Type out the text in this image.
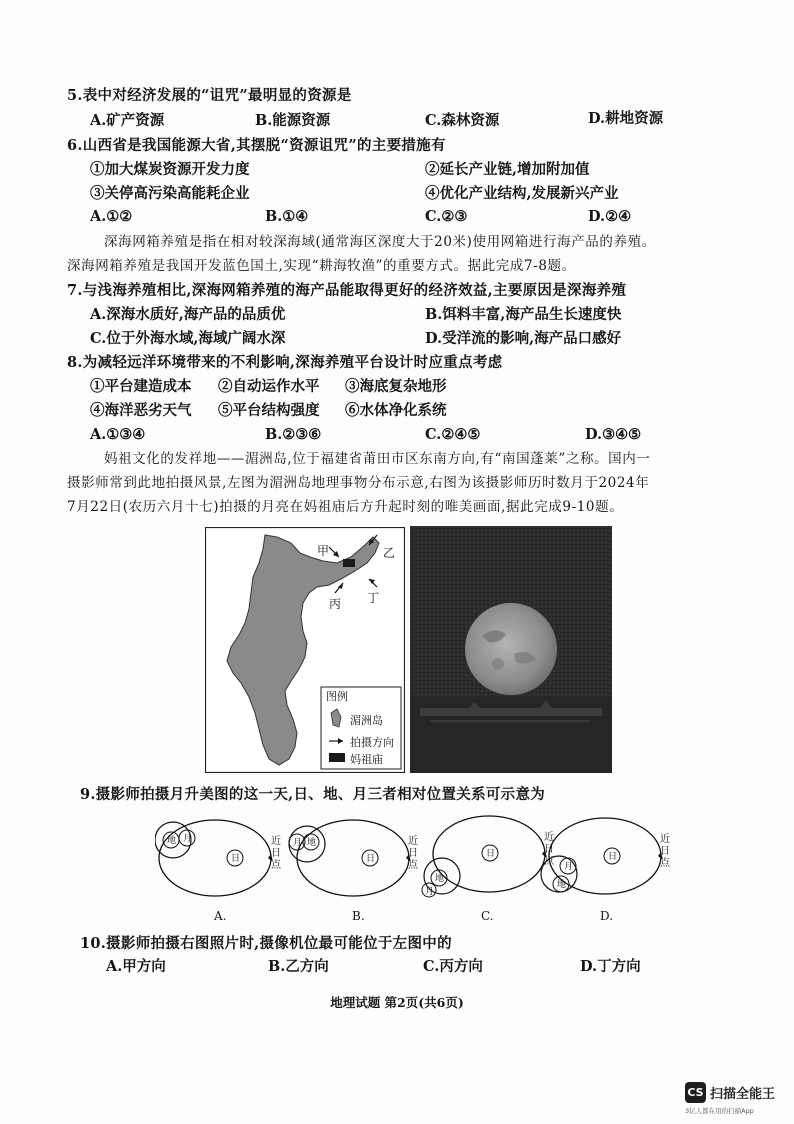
5.表中对经济发展的“诅咒”最明显的资源是
A.矿产资源	B.能源资源	C.森林资源	D.耕地资源
6.山西省是我国能源大省,其摆脱“资源诅咒”的主要措施有
①加大煤炭资源开发力度	②延长产业链,增加附加值
③关停高污染高能耗企业	④优化产业结构,发展新兴产业
A.①②	B.①④	C.②③	D.②④
深海网箱养殖是指在相对较深海域(通常海区深度大于20米)使用网箱进行海产品的养殖。
深海网箱养殖是我国开发蓝色国土,实现“耕海牧渔”的重要方式。据此完成7-8题。
7.与浅海养殖相比,深海网箱养殖的海产品能取得更好的经济效益,主要原因是深海养殖
A.深海水质好,海产品的品质优	B.饵料丰富,海产品生长速度快
C.位于外海水域,海域广阔水深	D.受洋流的影响,海产品口感好
8.为减轻远洋环境带来的不利影响,深海养殖平台设计时应重点考虑
①平台建造成本 ②自动运作水平 ③海底复杂地形
④海洋恶劣天气 ⑤平台结构强度 ⑥水体净化系统
A.①③④	B.②③⑥	C.②④⑤	D.③④⑤
妈祖文化的发祥地——湄洲岛,位于福建省莆田市区东南方向,有“南国蓬莱”之称。国内一
摄影师常到此地拍摄风景,左图为湄洲岛地理事物分布示意,右图为该摄影师历时数月于2024年
7月22日(农历六月十七)拍摄的月亮在妈祖庙后方升起时刻的唯美画面,据此完成9-10题。
甲	乙
丙 丁
图例
湄洲岛
拍摄方向
妈祖庙
9.摄影师拍摄月升美图的这一天,日、地、月三者相对位置关系可示意为
地 月
日
近
日
点
月 地
日
近
日
点
地
月
日
近
日
点 月
地
日
近
日
点
A.	B.	C.	D.
10.摄影师拍摄右图照片时,摄像机位最可能位于左图中的
A.甲方向	B.乙方向	C.丙方向	D.丁方向
地理试题 第2页(共6页)
CS 扫描全能王
3亿人都在用的扫描App
